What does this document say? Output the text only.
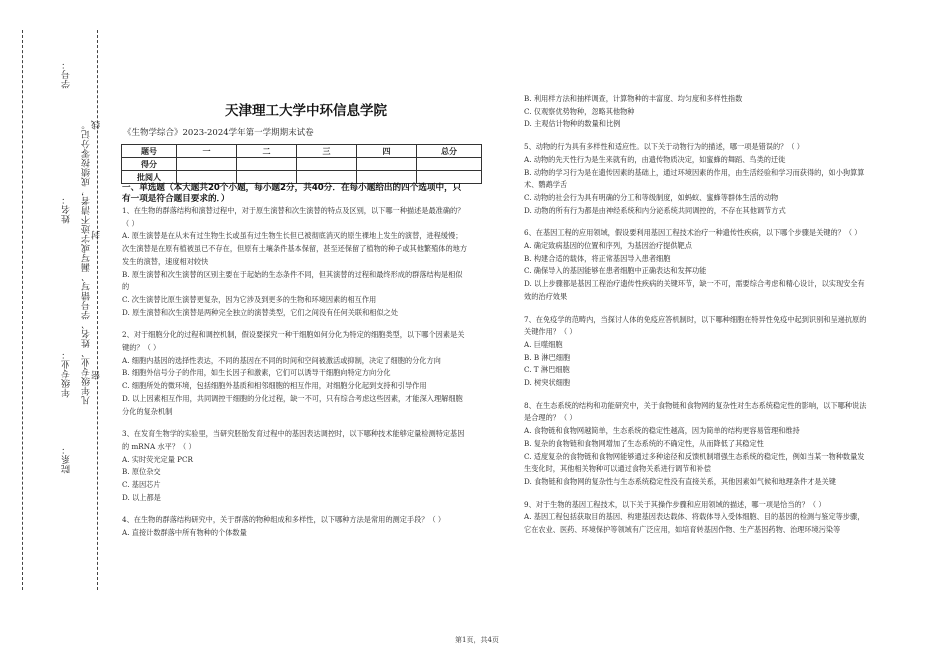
学号：
姓名：
年级专业：
院系：
凡年级专业、姓名、学号错写、漏写或字迹不清者，成绩按零分记。 线
封
密
天津理工大学中环信息学院
《生物学综合》2023-2024学年第一学期期末试卷
题号	一	二	三	四	总分
得分					
批阅人					

一、单选题（本大题共20个小题，每小题2分，共40分．在每小题给出的四个选项中，只有一项是符合题目要求的．）

1、在生物的群落结构和演替过程中，对于原生演替和次生演替的特点及区别，以下哪一种描述是最准确的？（ ）

A. 原生演替是在从未有过生物生长或虽有过生物生长但已被彻底消灭的原生裸地上发生的演替，进程缓慢；次生演替是在原有植被虽已不存在，但原有土壤条件基本保留，甚至还保留了植物的种子或其他繁殖体的地方发生的演替，速度相对较快

B. 原生演替和次生演替的区别主要在于起始的生态条件不同，但其演替的过程和最终形成的群落结构是相似的

C. 次生演替比原生演替更复杂，因为它涉及到更多的生物和环境因素的相互作用

D. 原生演替和次生演替是两种完全独立的演替类型，它们之间没有任何关联和相似之处

2、对于细胞分化的过程和调控机制，假设要探究一种干细胞如何分化为特定的细胞类型，以下哪个因素是关键的？（ ）

A. 细胞内基因的选择性表达，不同的基因在不同的时间和空间被激活或抑制，决定了细胞的分化方向

B. 细胞外信号分子的作用，如生长因子和激素，它们可以诱导干细胞向特定方向分化

C. 细胞所处的微环境，包括细胞外基质和相邻细胞的相互作用，对细胞分化起到支持和引导作用

D. 以上因素相互作用，共同调控干细胞的分化过程，缺一不可，只有综合考虑这些因素，才能深入理解细胞分化的复杂机制

3、在发育生物学的实验里，当研究胚胎发育过程中的基因表达调控时，以下哪种技术能够定量检测特定基因的 mRNA 水平？（ ）

A. 实时荧光定量 PCR

B. 原位杂交

C. 基因芯片

D. 以上都是

4、在生物的群落结构研究中，关于群落的物种组成和多样性，以下哪种方法是常用的测定手段？（ ）

A. 直接计数群落中所有物种的个体数量

B. 利用样方法和抽样调查，计算物种的丰富度、均匀度和多样性指数

C. 仅观察优势物种，忽略其他物种

D. 主观估计物种的数量和比例

5、动物的行为具有多样性和适应性。以下关于动物行为的描述，哪一项是错误的？（ ）

A. 动物的先天性行为是生来就有的，由遗传物质决定，如蜜蜂的舞蹈、鸟类的迁徙

B. 动物的学习行为是在遗传因素的基础上，通过环境因素的作用，由生活经验和学习而获得的，如小狗算算术、鹦鹉学舌

C. 动物的社会行为具有明确的分工和等级制度，如蚂蚁、蜜蜂等群体生活的动物

D. 动物的所有行为都是由神经系统和内分泌系统共同调控的，不存在其他调节方式

6、在基因工程的应用领域，假设要利用基因工程技术治疗一种遗传性疾病，以下哪个步骤是关键的？（ ）

A. 确定致病基因的位置和序列，为基因治疗提供靶点

B. 构建合适的载体，将正常基因导入患者细胞

C. 确保导入的基因能够在患者细胞中正确表达和发挥功能

D. 以上步骤都是基因工程治疗遗传性疾病的关键环节，缺一不可，需要综合考虑和精心设计，以实现安全有效的治疗效果

7、在免疫学的范畴内，当探讨人体的免疫应答机制时，以下哪种细胞在特异性免疫中起到识别和呈递抗原的关键作用？（ ）

A. 巨噬细胞

B. B 淋巴细胞

C. T 淋巴细胞

D. 树突状细胞

8、在生态系统的结构和功能研究中，关于食物链和食物网的复杂性对生态系统稳定性的影响，以下哪种说法是合理的？（ ）

A. 食物链和食物网越简单，生态系统的稳定性越高，因为简单的结构更容易管理和维持

B. 复杂的食物链和食物网增加了生态系统的不确定性，从而降低了其稳定性

C. 适度复杂的食物链和食物网能够通过多种途径和反馈机制增强生态系统的稳定性，例如当某一物种数量发生变化时，其他相关物种可以通过食物关系进行调节和补偿

D. 食物链和食物网的复杂性与生态系统稳定性没有直接关系，其他因素如气候和地理条件才是关键

9、对于生物的基因工程技术，以下关于其操作步骤和应用领域的描述，哪一项是恰当的？（ ）

A. 基因工程包括获取目的基因、构建基因表达载体、将载体导入受体细胞、目的基因的检测与鉴定等步骤，它在农业、医药、环境保护等领域有广泛应用，如培育转基因作物、生产基因药物、治理环境污染等

第1页，共4页
